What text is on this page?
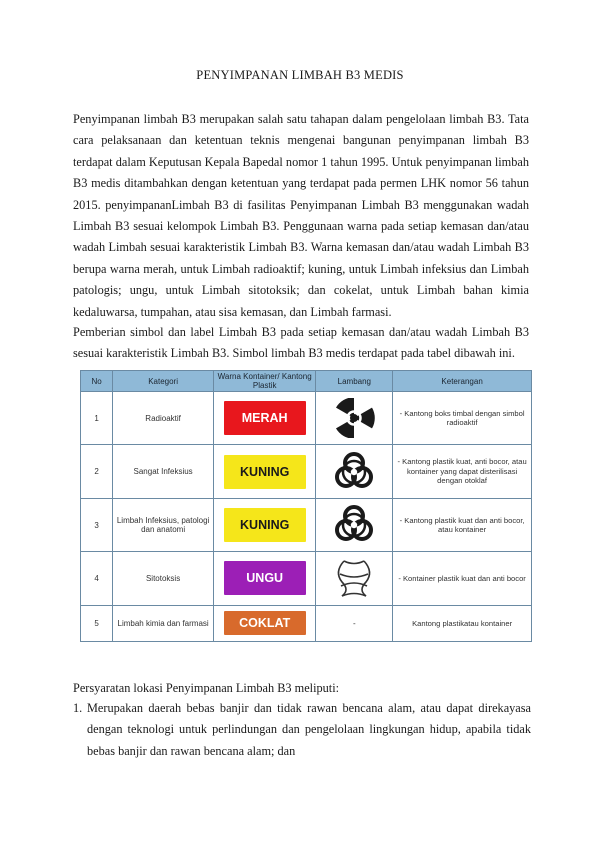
PENYIMPANAN LIMBAH B3 MEDIS

Penyimpanan limbah B3 merupakan salah satu tahapan dalam pengelolaan limbah B3. Tata cara pelaksanaan dan ketentuan teknis mengenai bangunan penyimpanan limbah B3 terdapat dalam Keputusan Kepala Bapedal nomor 1 tahun 1995. Untuk penyimpanan limbah B3 medis ditambahkan dengan ketentuan yang terdapat pada permen LHK nomor 56 tahun 2015. penyimpananLimbah B3 di fasilitas Penyimpanan Limbah B3 menggunakan wadah Limbah B3 sesuai kelompok Limbah B3. Penggunaan warna pada setiap kemasan dan/atau wadah Limbah sesuai karakteristik Limbah B3. Warna kemasan dan/atau wadah Limbah B3 berupa warna merah, untuk Limbah radioaktif; kuning, untuk Limbah infeksius dan Limbah patologis; ungu, untuk Limbah sitotoksik; dan cokelat, untuk Limbah bahan kimia kedaluwarsa, tumpahan, atau sisa kemasan, dan Limbah farmasi.

Pemberian simbol dan label Limbah B3 pada setiap kemasan dan/atau wadah Limbah B3 sesuai karakteristik Limbah B3. Simbol limbah B3 medis terdapat pada tabel dibawah ini.

No	Kategori	Warna Kontainer/ Kantong Plastik	Lambang	Keterangan
1	Radioaktif	MERAH		- Kantong boks timbal dengan simbol radioaktif
2	Sangat Infeksius	KUNING		- Kantong plastik kuat, anti bocor, atau kontainer yang dapat disterilisasi dengan otoklaf
3	Limbah Infeksius, patologi dan anatomi	KUNING		- Kantong plastik kuat dan anti bocor, atau kontainer
4	Sitotoksis	UNGU		- Kontainer plastik kuat dan anti bocor
5	Limbah kimia dan farmasi	COKLAT	-	Kantong plastikatau kontainer

Persyaratan lokasi Penyimpanan Limbah B3 meliputi:

1. Merupakan daerah bebas banjir dan tidak rawan bencana alam, atau dapat direkayasa dengan teknologi untuk perlindungan dan pengelolaan lingkungan hidup, apabila tidak bebas banjir dan rawan bencana alam; dan
